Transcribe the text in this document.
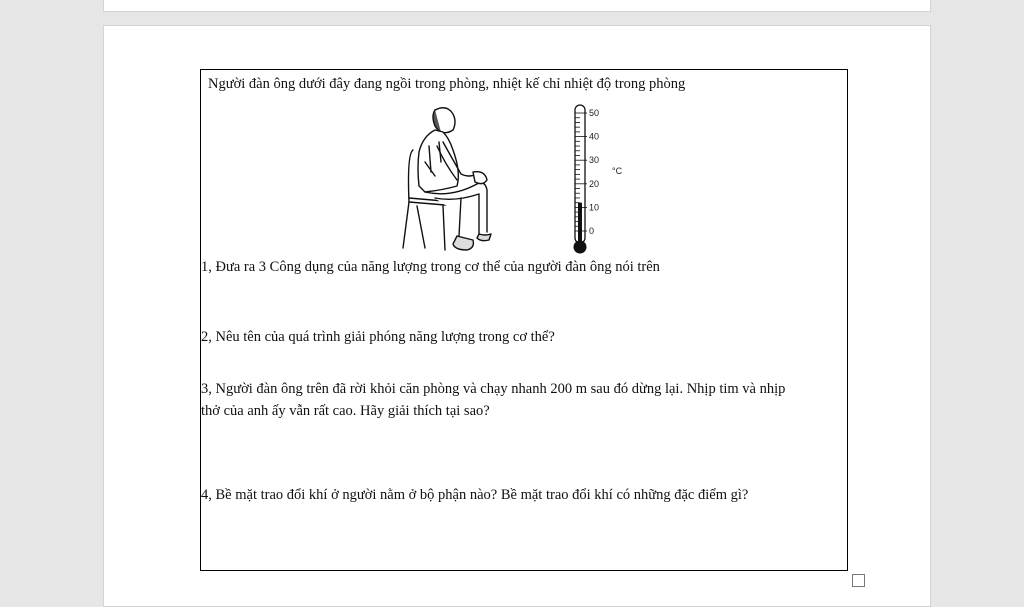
Người đàn ông dưới đây đang ngồi trong phòng, nhiệt kế chỉ nhiệt độ trong phòng
50
40
30
20
10
0
°C
1, Đưa ra 3 Công dụng của năng lượng trong cơ thể của người đàn ông nói trên
2, Nêu tên của quá trình giải phóng năng lượng trong cơ thể?
3, Người đàn ông trên đã rời khỏi căn phòng và chạy nhanh 200 m sau đó dừng lại. Nhịp tim và nhịp
thở của anh ấy vẫn rất cao. Hãy giải thích tại sao?
4, Bề mặt trao đổi khí ở người nằm ở bộ phận nào? Bề mặt trao đổi khí có những đặc điểm gì?
